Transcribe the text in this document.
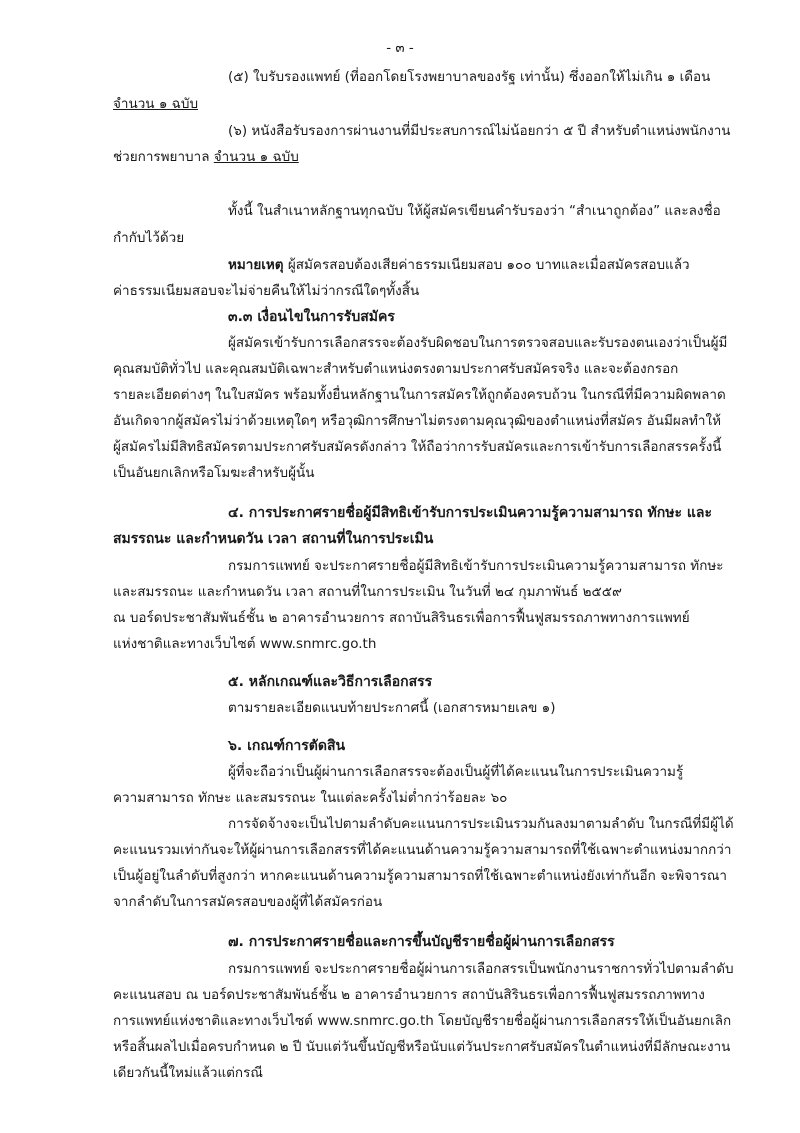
- ๓ -
(๕) ใบรับรองแพทย์ (ที่ออกโดยโรงพยาบาลของรัฐ เท่านั้น) ซึ่งออกให้ไม่เกิน ๑ เดือน
จำนวน ๑ ฉบับ
(๖) หนังสือรับรองการผ่านงานที่มีประสบการณ์ไม่น้อยกว่า ๕ ปี สำหรับตำแหน่งพนักงาน
ช่วยการพยาบาล จำนวน ๑ ฉบับ
ทั้งนี้ ในสำเนาหลักฐานทุกฉบับ ให้ผู้สมัครเขียนคำรับรองว่า “สำเนาถูกต้อง” และลงชื่อ
กำกับไว้ด้วย
หมายเหตุ ผู้สมัครสอบต้องเสียค่าธรรมเนียมสอบ ๑๐๐ บาทและเมื่อสมัครสอบแล้ว
ค่าธรรมเนียมสอบจะไม่จ่ายคืนให้ไม่ว่ากรณีใดๆทั้งสิ้น
๓.๓ เงื่อนไขในการรับสมัคร
ผู้สมัครเข้ารับการเลือกสรรจะต้องรับผิดชอบในการตรวจสอบและรับรองตนเองว่าเป็นผู้มี
คุณสมบัติทั่วไป และคุณสมบัติเฉพาะสำหรับตำแหน่งตรงตามประกาศรับสมัครจริง และจะต้องกรอก
รายละเอียดต่างๆ ในใบสมัคร พร้อมทั้งยื่นหลักฐานในการสมัครให้ถูกต้องครบถ้วน ในกรณีที่มีความผิดพลาด
อันเกิดจากผู้สมัครไม่ว่าด้วยเหตุใดๆ หรือวุฒิการศึกษาไม่ตรงตามคุณวุฒิของตำแหน่งที่สมัคร อันมีผลทำให้
ผู้สมัครไม่มีสิทธิสมัครตามประกาศรับสมัครดังกล่าว ให้ถือว่าการรับสมัครและการเข้ารับการเลือกสรรครั้งนี้
เป็นอันยกเลิกหรือโมฆะสำหรับผู้นั้น
๔. การประกาศรายชื่อผู้มีสิทธิเข้ารับการประเมินความรู้ความสามารถ ทักษะ และ
สมรรถนะ และกำหนดวัน เวลา สถานที่ในการประเมิน
กรมการแพทย์ จะประกาศรายชื่อผู้มีสิทธิเข้ารับการประเมินความรู้ความสามารถ ทักษะ
และสมรรถนะ และกำหนดวัน เวลา สถานที่ในการประเมิน ในวันที่ ๒๔ กุมภาพันธ์ ๒๕๕๙
ณ บอร์ดประชาสัมพันธ์ชั้น ๒ อาคารอำนวยการ สถาบันสิรินธรเพื่อการฟื้นฟูสมรรถภาพทางการแพทย์
แห่งชาติและทางเว็บไซต์ www.snmrc.go.th
๕. หลักเกณฑ์และวิธีการเลือกสรร
ตามรายละเอียดแนบท้ายประกาศนี้ (เอกสารหมายเลข ๑)
๖. เกณฑ์การตัดสิน
ผู้ที่จะถือว่าเป็นผู้ผ่านการเลือกสรรจะต้องเป็นผู้ที่ได้คะแนนในการประเมินความรู้
ความสามารถ ทักษะ และสมรรถนะ ในแต่ละครั้งไม่ต่ำกว่าร้อยละ ๖๐
การจัดจ้างจะเป็นไปตามลำดับคะแนนการประเมินรวมกันลงมาตามลำดับ ในกรณีที่มีผู้ได้
คะแนนรวมเท่ากันจะให้ผู้ผ่านการเลือกสรรที่ได้คะแนนด้านความรู้ความสามารถที่ใช้เฉพาะตำแหน่งมากกว่า
เป็นผู้อยู่ในลำดับที่สูงกว่า หากคะแนนด้านความรู้ความสามารถที่ใช้เฉพาะตำแหน่งยังเท่ากันอีก จะพิจารณา
จากลำดับในการสมัครสอบของผู้ที่ได้สมัครก่อน
๗. การประกาศรายชื่อและการขึ้นบัญชีรายชื่อผู้ผ่านการเลือกสรร
กรมการแพทย์ จะประกาศรายชื่อผู้ผ่านการเลือกสรรเป็นพนักงานราชการทั่วไปตามลำดับ
คะแนนสอบ ณ บอร์ดประชาสัมพันธ์ชั้น ๒ อาคารอำนวยการ สถาบันสิรินธรเพื่อการฟื้นฟูสมรรถภาพทาง
การแพทย์แห่งชาติและทางเว็บไซต์ www.snmrc.go.th โดยบัญชีรายชื่อผู้ผ่านการเลือกสรรให้เป็นอันยกเลิก
หรือสิ้นผลไปเมื่อครบกำหนด ๒ ปี นับแต่วันขึ้นบัญชีหรือนับแต่วันประกาศรับสมัครในตำแหน่งที่มีลักษณะงาน
เดียวกันนี้ใหม่แล้วแต่กรณี
